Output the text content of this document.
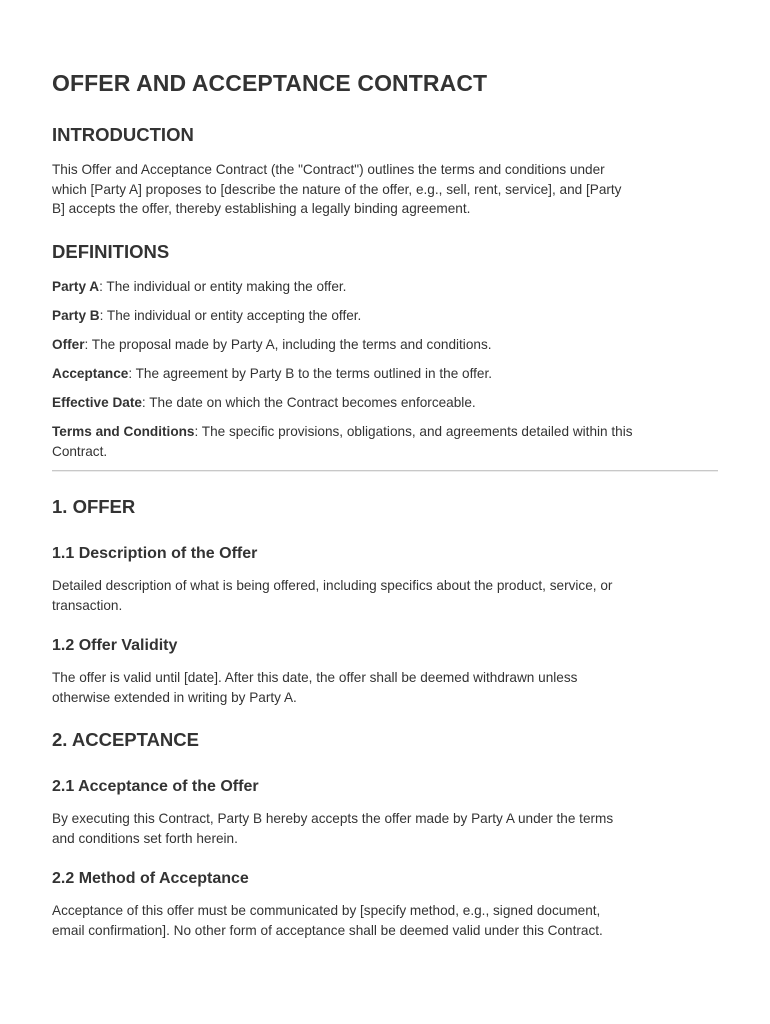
OFFER AND ACCEPTANCE CONTRACT
INTRODUCTION
This Offer and Acceptance Contract (the "Contract") outlines the terms and conditions under
which [Party A] proposes to [describe the nature of the offer, e.g., sell, rent, service], and [Party
B] accepts the offer, thereby establishing a legally binding agreement.
DEFINITIONS
Party A: The individual or entity making the offer.
Party B: The individual or entity accepting the offer.
Offer: The proposal made by Party A, including the terms and conditions.
Acceptance: The agreement by Party B to the terms outlined in the offer.
Effective Date: The date on which the Contract becomes enforceable.
Terms and Conditions: The specific provisions, obligations, and agreements detailed within this
Contract.
1. OFFER
1.1 Description of the Offer
Detailed description of what is being offered, including specifics about the product, service, or
transaction.
1.2 Offer Validity
The offer is valid until [date]. After this date, the offer shall be deemed withdrawn unless
otherwise extended in writing by Party A.
2. ACCEPTANCE
2.1 Acceptance of the Offer
By executing this Contract, Party B hereby accepts the offer made by Party A under the terms
and conditions set forth herein.
2.2 Method of Acceptance
Acceptance of this offer must be communicated by [specify method, e.g., signed document,
email confirmation]. No other form of acceptance shall be deemed valid under this Contract.
